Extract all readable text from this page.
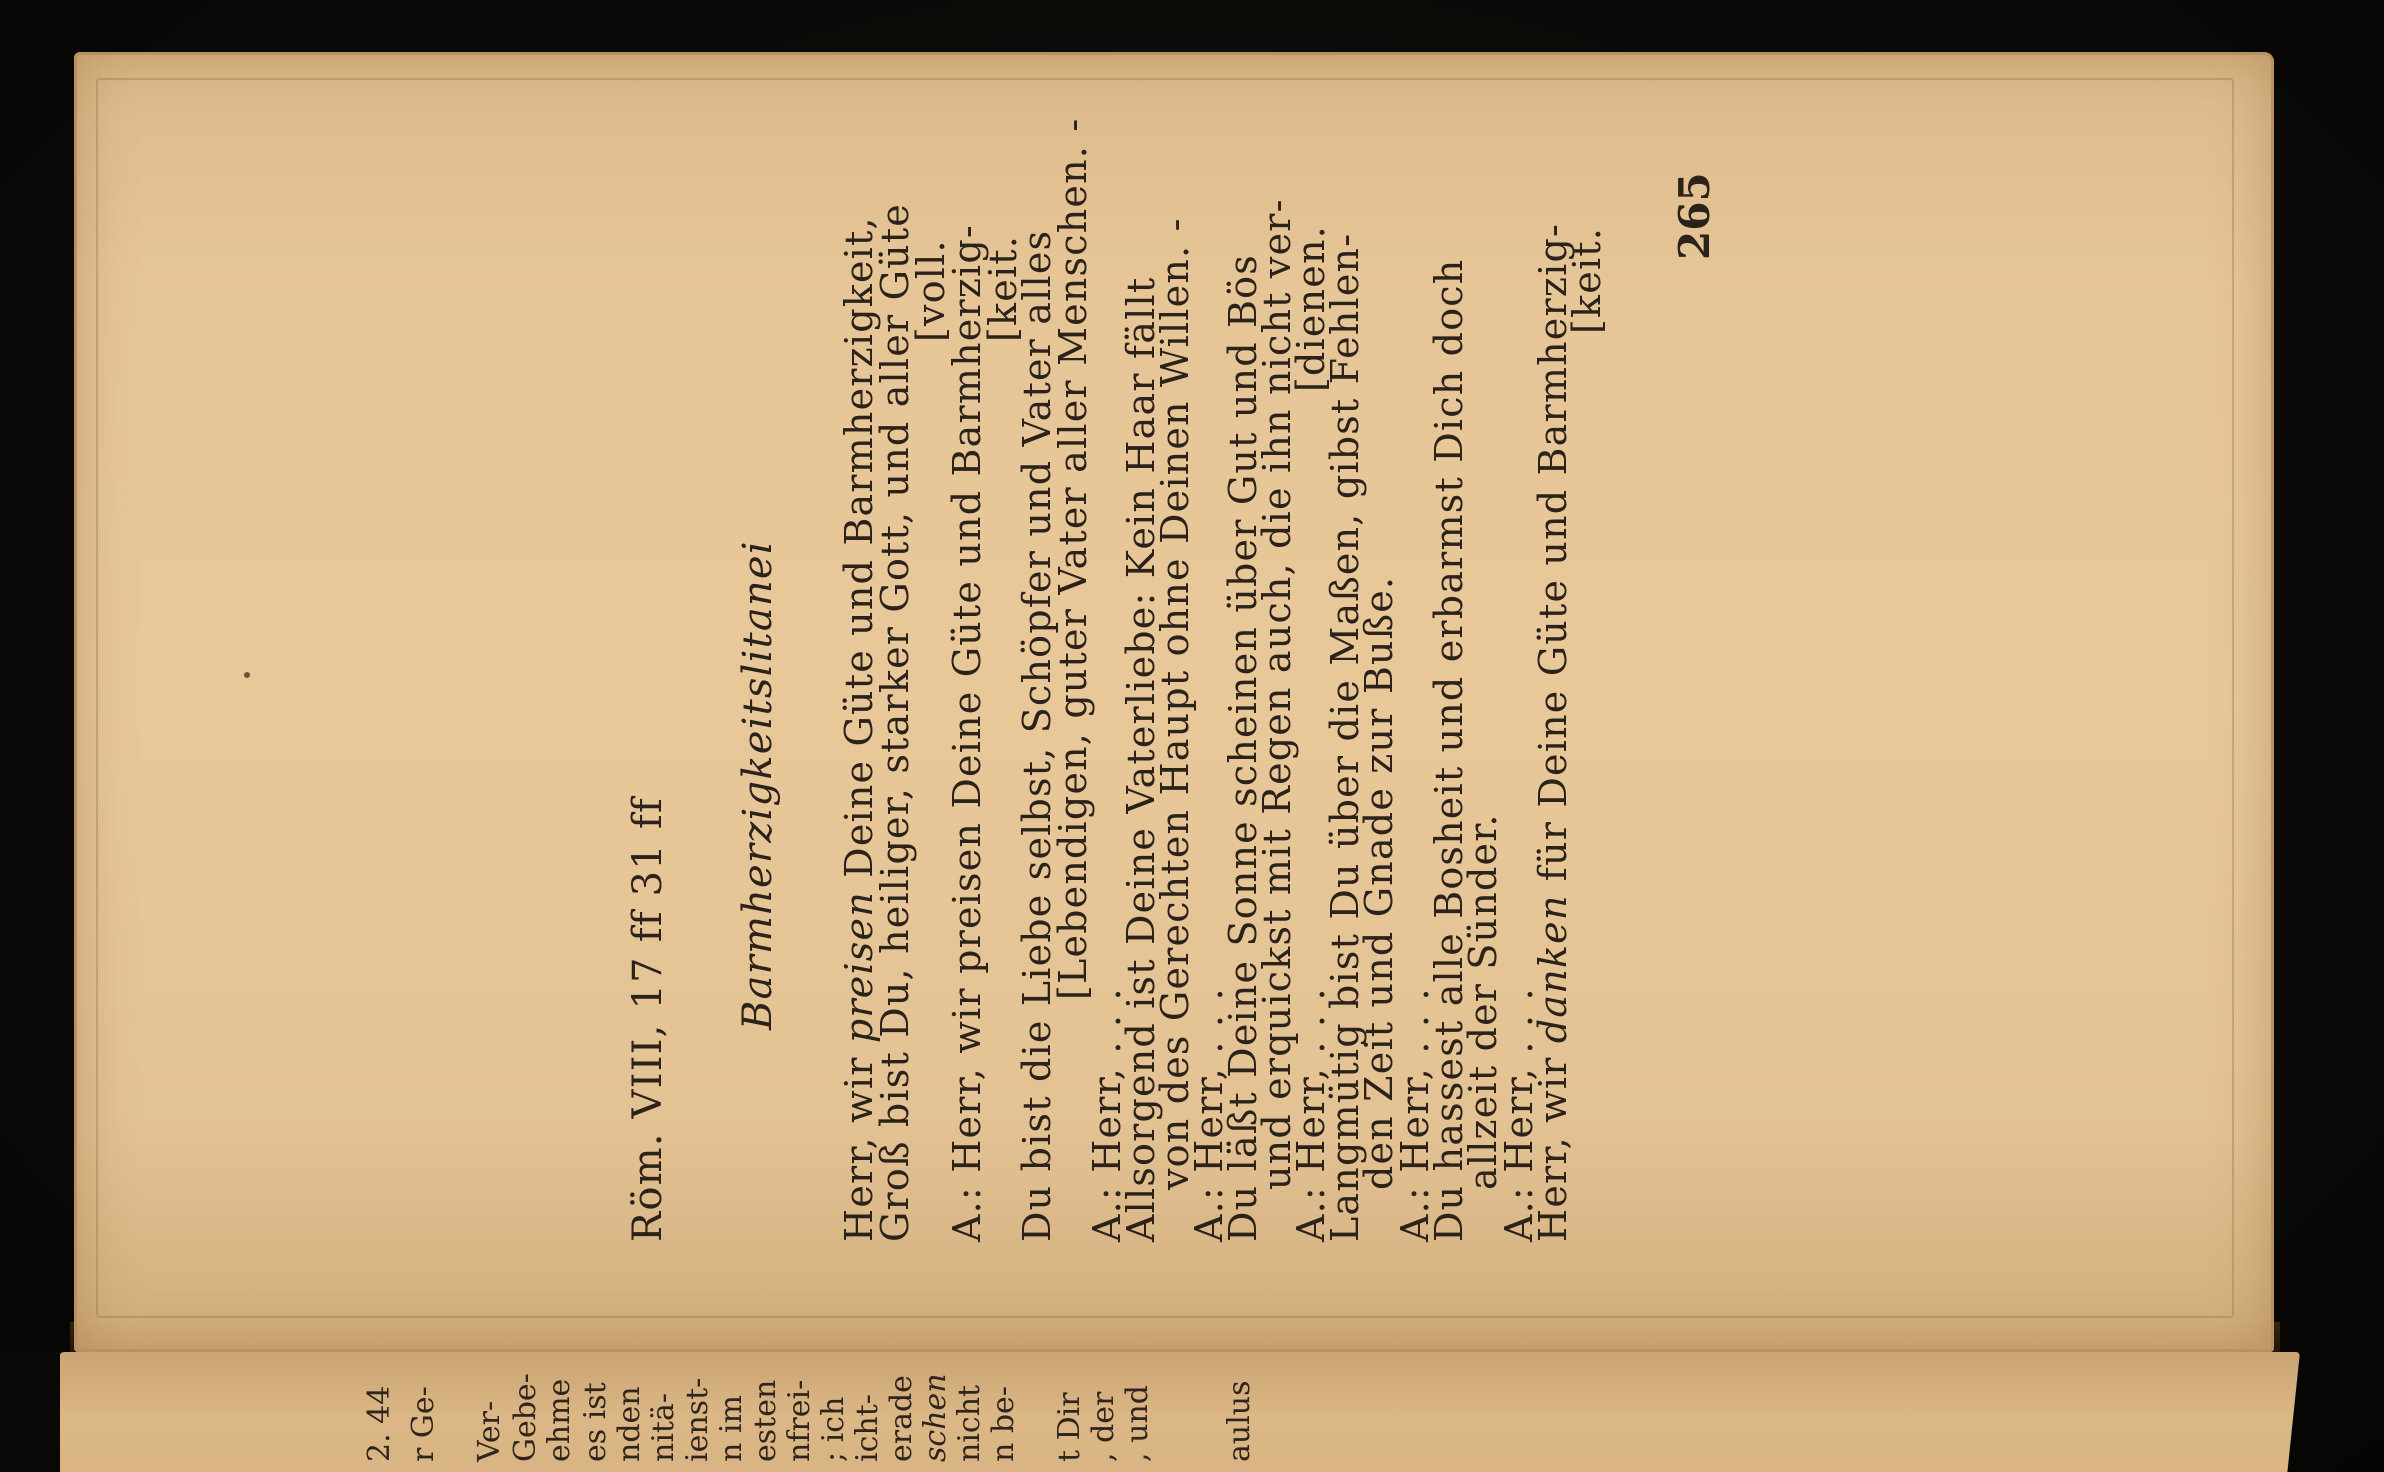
Röm. VIII, 17 ff 31 ff Barmherzigkeitslitanei
Herr, wir preisen Deine Güte und Barmherzigkeit,
Groß bist Du, heiliger, starker Gott, und aller Güte
[voll.
A.: Herr, wir preisen Deine Güte und Barmherzig-
[keit.
Du bist die Liebe selbst, Schöpfer und Vater alles
[Lebendigen, guter Vater aller Menschen. -
A.: Herr, . . .
Allsorgend ist Deine Vaterliebe: Kein Haar fällt
von des Gerechten Haupt ohne Deinen Willen. -
A.: Herr, . . .
Du läßt Deine Sonne scheinen über Gut und Bös
und erquickst mit Regen auch, die ihn nicht ver-
A.: Herr, . . .
[dienen.
Langmütig bist Du über die Maßen, gibst Fehlen-
den Zeit und Gnade zur Buße.
A.: Herr, . . .
Du hassest alle Bosheit und erbarmst Dich doch
allzeit der Sünder.
A.: Herr, . . .
Herr, wir danken für Deine Güte und Barmherzig-
[keit.
265
2. 44 r Ge- Ver- Gebe- ehme es ist nden nitä- ienst- n im esten nfrei- ; ich icht- erade schen nicht n be- t Dir , der , und aulus
